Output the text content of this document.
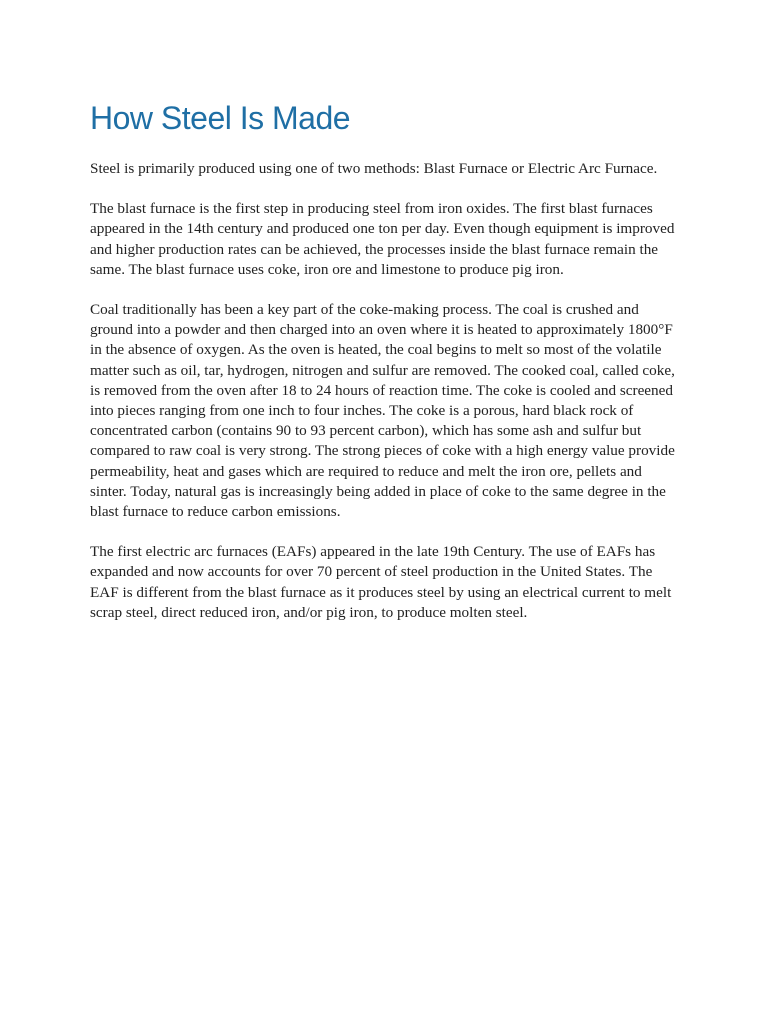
How Steel Is Made

Steel is primarily produced using one of two methods: Blast Furnace or Electric Arc Furnace.

The blast furnace is the first step in producing steel from iron oxides. The first blast furnaces appeared in the 14th century and produced one ton per day. Even though equipment is improved and higher production rates can be achieved, the processes inside the blast furnace remain the same. The blast furnace uses coke, iron ore and limestone to produce pig iron.

Coal traditionally has been a key part of the coke-making process. The coal is crushed and ground into a powder and then charged into an oven where it is heated to approximately 1800°F in the absence of oxygen. As the oven is heated, the coal begins to melt so most of the volatile matter such as oil, tar, hydrogen, nitrogen and sulfur are removed. The cooked coal, called coke, is removed from the oven after 18 to 24 hours of reaction time. The coke is cooled and screened into pieces ranging from one inch to four inches. The coke is a porous, hard black rock of concentrated carbon (contains 90 to 93 percent carbon), which has some ash and sulfur but compared to raw coal is very strong. The strong pieces of coke with a high energy value provide permeability, heat and gases which are required to reduce and melt the iron ore, pellets and sinter. Today, natural gas is increasingly being added in place of coke to the same degree in the blast furnace to reduce carbon emissions.

The first electric arc furnaces (EAFs) appeared in the late 19th Century. The use of EAFs has expanded and now accounts for over 70 percent of steel production in the United States. The EAF is different from the blast furnace as it produces steel by using an electrical current to melt scrap steel, direct reduced iron, and/or pig iron, to produce molten steel.
